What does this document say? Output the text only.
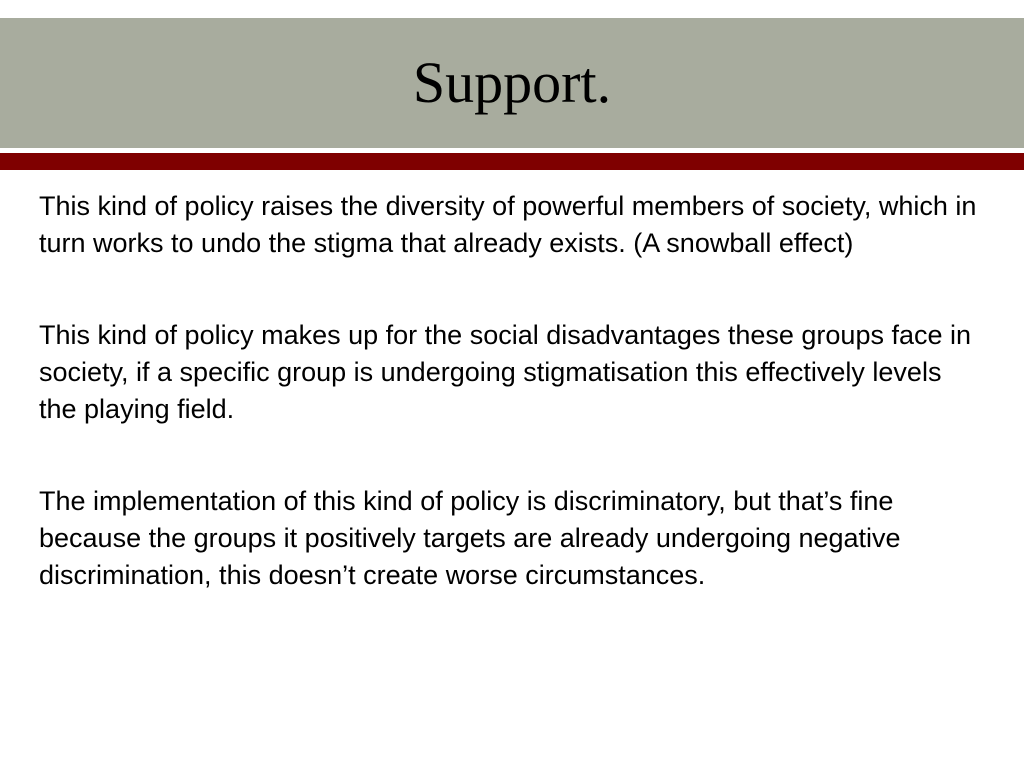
Support.

This kind of policy raises the diversity of powerful members of society, which in turn works to undo the stigma that already exists. (A snowball effect)

This kind of policy makes up for the social disadvantages these groups face in society, if a specific group is undergoing stigmatisation this effectively levels the playing field.

The implementation of this kind of policy is discriminatory, but that’s fine because the groups it positively targets are already undergoing negative discrimination, this doesn’t create worse circumstances.
